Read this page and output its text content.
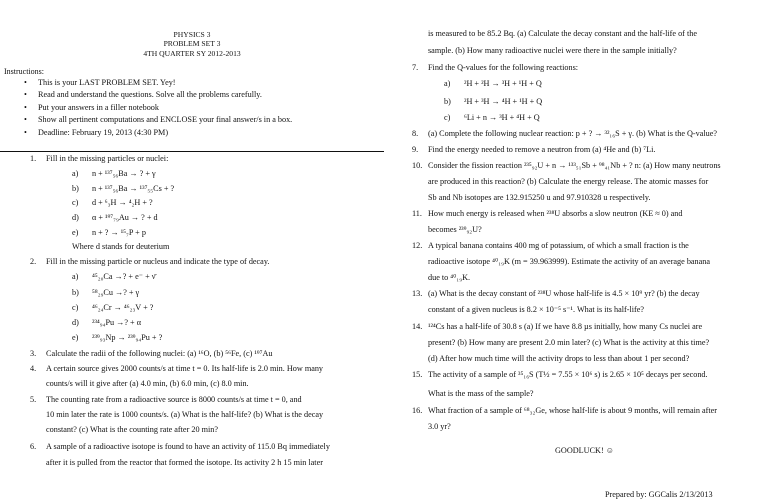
PHYSICS 3
PROBLEM SET 3
4TH QUARTER SY 2012-2013
Instructions:
• This is your LAST PROBLEM SET. Yey!
• Read and understand the questions. Solve all the problems carefully.
• Put your answers in a filler notebook
• Show all pertinent computations and ENCLOSE your final answer/s in a box.
• Deadline: February 19, 2013 (4:30 PM)
1. Fill in the missing particles or nuclei:
a) n + ¹³⁷₅₆Ba → ? + γ
b) n + ¹³⁷₅₆Ba → ¹³⁷₅₅Cs + ?
c) d + ⁶₃H → ⁴₂H + ?
d) α + ¹⁹⁷₇₉Au → ? + d
e) n + ? → ¹⁵₇P + p
Where d stands for deuterium
2. Fill in the missing particle or nucleus and indicate the type of decay.
a) ⁴⁵₂₀Ca →? + e⁻ + ν̄
b) ⁵⁸₂₉Cu →? + γ
c) ⁴⁶₂₄Cr → ⁴⁶₂₃V + ?
d) ²³⁴₉₄Pu →? + α
e) ²³⁹₉₃Np → ²³⁹₉₄Pu + ?
3. Calculate the radii of the following nuclei: (a) ¹⁶O, (b) ⁵⁶Fe, (c) ¹⁹⁷Au
4. A certain source gives 2000 counts/s at time t = 0. Its half-life is 2.0 min. How many
counts/s will it give after (a) 4.0 min, (b) 6.0 min, (c) 8.0 min.
5. The counting rate from a radioactive source is 8000 counts/s at time t = 0, and
10 min later the rate is 1000 counts/s. (a) What is the half-life? (b) What is the decay
constant? (c) What is the counting rate after 20 min?
6. A sample of a radioactive isotope is found to have an activity of 115.0 Bq immediately
after it is pulled from the reactor that formed the isotope. Its activity 2 h 15 min later
is measured to be 85.2 Bq. (a) Calculate the decay constant and the half-life of the
sample. (b) How many radioactive nuclei were there in the sample initially?
7. Find the Q-values for the following reactions:
a) ²H + ²H → ³H + ¹H + Q
b) ²H + ³H → ⁴H + ¹H + Q
c) ⁶Li + n → ³H + ⁴H + Q
8. (a) Complete the following nuclear reaction: p + ? → ³²₁₆S + γ. (b) What is the Q-value?
9. Find the energy needed to remove a neutron from (a) ⁴He and (b) ⁷Li.
10. Consider the fission reaction ²³⁵₉₂U + n → ¹³³₅₁Sb + ⁹⁸₄₁Nb + ? n: (a) How many neutrons
are produced in this reaction? (b) Calculate the energy release. The atomic masses for
Sb and Nb isotopes are 132.915250 u and 97.910328 u respectively.
11. How much energy is released when ²³⁸U absorbs a slow neutron (KE ≈ 0) and
becomes ²³⁹₉₂U?
12. A typical banana contains 400 mg of potassium, of which a small fraction is the
radioactive isotope ⁴⁰₁₉K (m = 39.963999). Estimate the activity of an average banana
due to ⁴⁰₁₉K.
13. (a) What is the decay constant of ²³⁸U whose half-life is 4.5 × 10⁹ yr? (b) the decay
constant of a given nucleus is 8.2 × 10⁻⁵ s⁻¹. What is its half-life?
14. ¹²⁴Cs has a half-life of 30.8 s (a) If we have 8.8 µs initially, how many Cs nuclei are
present? (b) How many are present 2.0 min later? (c) What is the activity at this time?
(d) After how much time will the activity drops to less than about 1 per second?
15. The activity of a sample of ³⁵₁₆S (T½ = 7.55 × 10⁶ s) is 2.65 × 10⁵ decays per second.
What is the mass of the sample?
16. What fraction of a sample of ⁶⁸₃₂Ge, whose half-life is about 9 months, will remain after
3.0 yr?
GOODLUCK! ☺
Prepared by: GGCalis 2/13/2013
